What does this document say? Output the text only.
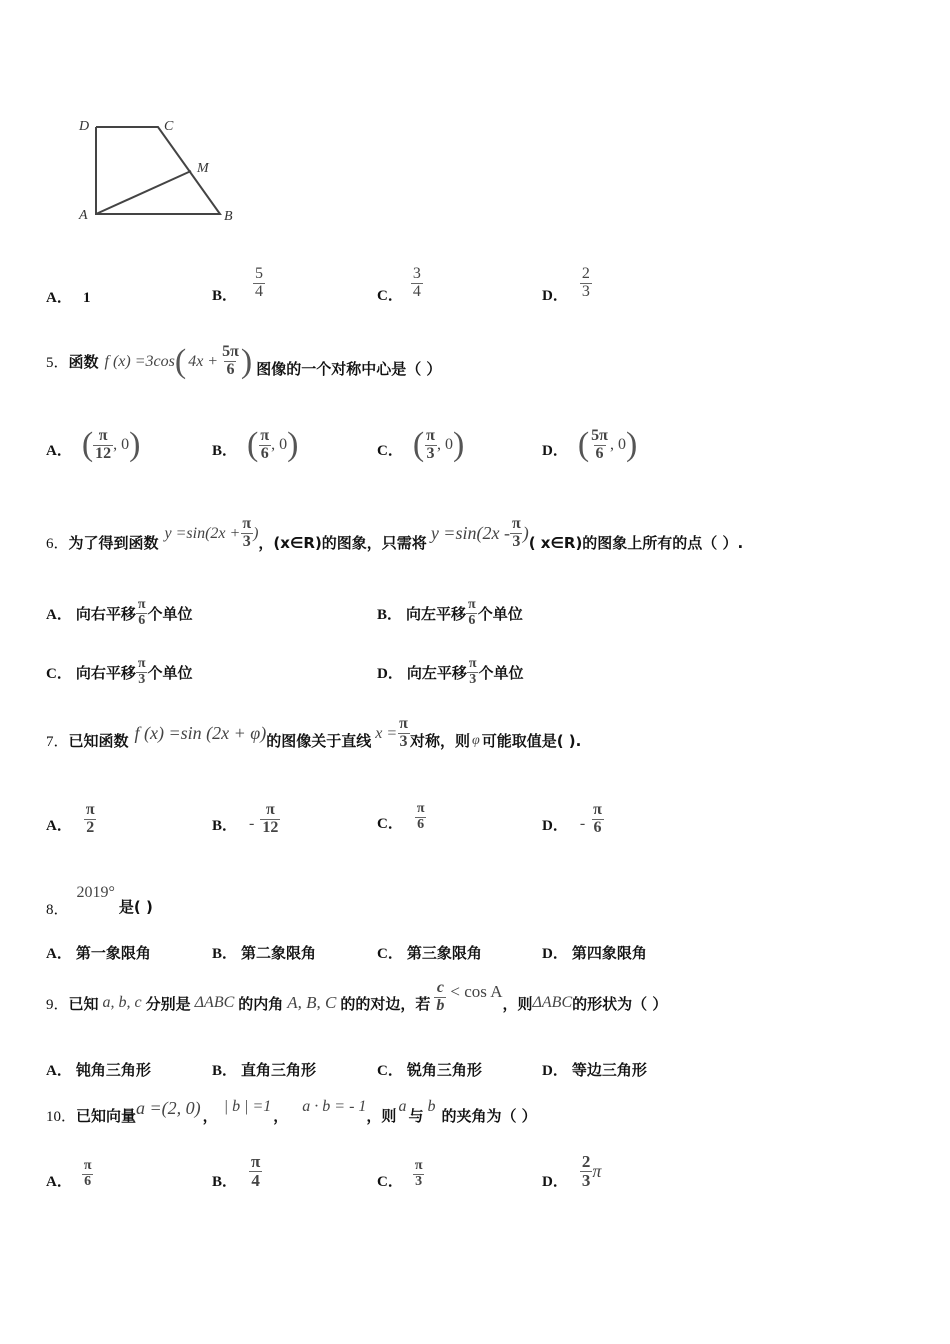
D	C
M
A	B
A． 1	B． $\frac{5}{4}$	C． $\frac{3}{4}$	D． $\frac{2}{3}$
5． 函数 f (x) =3cos ( $4x + \frac{5\pi}{6}$ ) 图像的一个对称中心是（ ）
A． ( $\frac{\pi}{12}$ , 0 )	B． ( $\frac{\pi}{6}$ , 0 )	C． ( $\frac{\pi}{3}$ , 0 )	D． ( $\frac{5\pi}{6}$ , 0 )
6． 为了得到函数
$y =\sin(2x + \frac{\pi}{3}$ )
，(x∈R)的图象，只需将 $y =\sin(2x - \frac{\pi}{3}$ ) ( x∈R)的图象上所有的点（ ）.
A． 向右平移 $\frac{\pi}{6}$ 个单位	B． 向左平移 $\frac{\pi}{6}$ 个单位
C． 向右平移 $\frac{\pi}{3}$ 个单位	D． 向左平移 $\frac{\pi}{3}$ 个单位
7． 已知函数 f (x) =sin (2x + φ) 的图像关于直线 $x = \frac{\pi}{3}$ 对称，则 φ 可能取值是( ).
A． $\frac{\pi}{2}$	B． - $\frac{\pi}{12}$	C． $\frac{\pi}{6}$	D． - $\frac{\pi}{6}$
8．
2019°
是( )
A． 第一象限角	B． 第二象限角	C． 第三象限角	D． 第四象限角
9． 已知 a, b, c 分别是 ΔABC 的内角 A, B, C 的的对边，若 $\frac{c}{b} < \cos A$
，则 ΔABC 的形状为（ ）
A． 钝角三角形	B． 直角三角形	C． 锐角三角形	D． 等边三角形
10． 已知向量 a =(2, 0) ，
| b | =1
，
a · b = - 1
，则
a
与
b
的夹角为（ ）
A． $\frac{\pi}{6}$	B． $\frac{\pi}{4}$	C． $\frac{\pi}{3}$	D． $\frac{2}{3}$ π
